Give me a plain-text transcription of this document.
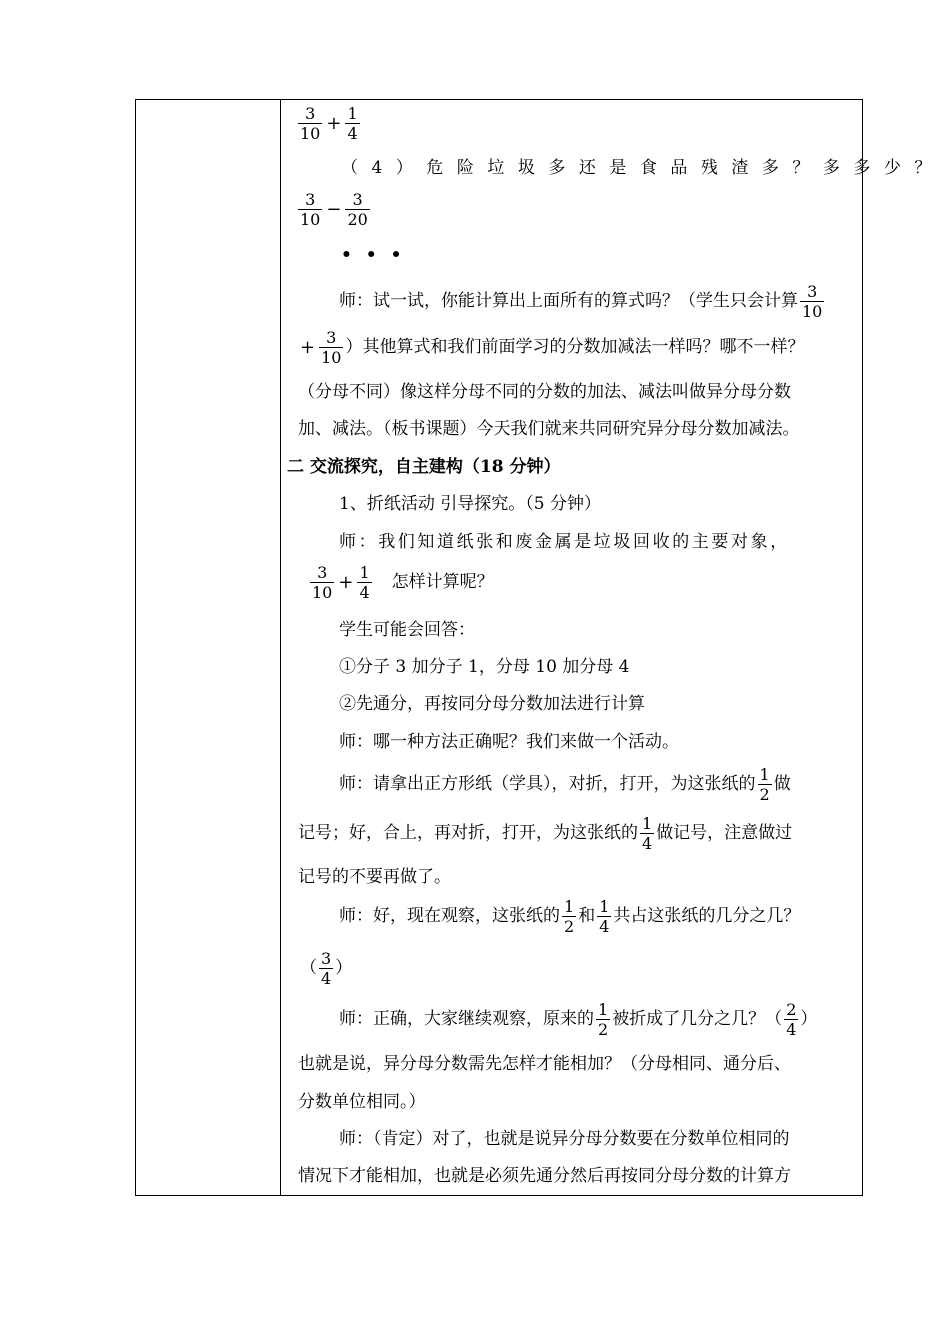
$\frac{3}{10} + \frac{1}{4}$
（4）危险垃圾多还是食品残渣多？多多少？
$\frac{3}{10} - \frac{3}{20}$
• • •
师：试一试，你能计算出上面所有的算式吗？（学生只会计算 $\frac{3}{10}$
+ $\frac{3}{10}$ ）其他算式和我们前面学习的分数加减法一样吗？哪不一样？
（分母不同）像这样分母不同的分数的加法、减法叫做异分母分数
加、减法。（板书课题）今天我们就来共同研究异分母分数加减法。
二 交流探究，自主建构（18 分钟）
1、折纸活动 引导探究。（5 分钟）
师：我们知道纸张和废金属是垃圾回收的主要对象，
$\frac{3}{10} + \frac{1}{4}$ 怎样计算呢？
学生可能会回答：
①分子 3 加分子 1，分母 10 加分母 4
②先通分，再按同分母分数加法进行计算
师：哪一种方法正确呢？我们来做一个活动。
师：请拿出正方形纸（学具），对折，打开，为这张纸的 $\frac{1}{2}$ 做
记号；好，合上，再对折，打开，为这张纸的 $\frac{1}{4}$ 做记号，注意做过
记号的不要再做了。
师：好，现在观察，这张纸的 $\frac{1}{2}$ 和 $\frac{1}{4}$ 共占这张纸的几分之几？
（ $\frac{3}{4}$ ）
师：正确，大家继续观察，原来的 $\frac{1}{2}$ 被折成了几分之几？（ $\frac{2}{4}$ ）
也就是说，异分母分数需先怎样才能相加？（分母相同、通分后、
分数单位相同。）
师：（肯定）对了，也就是说异分母分数要在分数单位相同的
情况下才能相加，也就是必须先通分然后再按同分母分数的计算方
